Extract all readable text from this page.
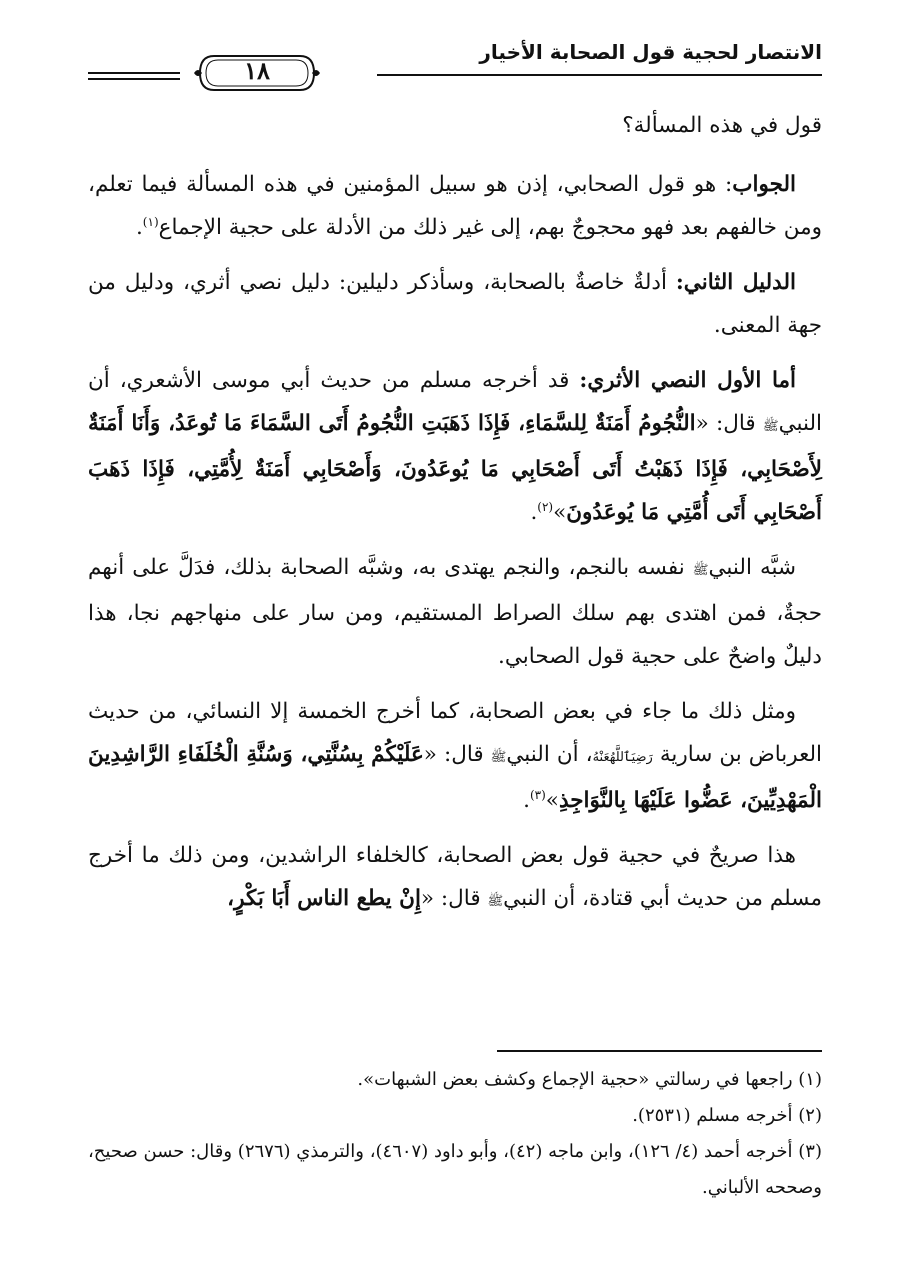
الانتصار لحجية قول الصحابة الأخيار
١٨

قول في هذه المسألة؟

الجواب: هو قول الصحابي، إذن هو سبيل المؤمنين في هذه المسألة فيما تعلم، ومن خالفهم بعد فهو محجوجٌ بهم، إلى غير ذلك من الأدلة على حجية الإجماع$^{(١)}$.

الدليل الثاني: أدلةٌ خاصةٌ بالصحابة، وسأذكر دليلين: دليل نصي أثري، ودليل من جهة المعنى.

أما الأول النصي الأثري: قد أخرجه مسلم من حديث أبي موسى الأشعري، أن النبيﷺ قال: «النُّجُومُ أَمَنَةٌ لِلسَّمَاءِ، فَإِذَا ذَهَبَتِ النُّجُومُ أَتَى السَّمَاءَ مَا تُوعَدُ، وَأَنَا أَمَنَةٌ لِأَصْحَابِي، فَإِذَا ذَهَبْتُ أَتَى أَصْحَابِي مَا يُوعَدُونَ، وَأَصْحَابِي أَمَنَةٌ لِأُمَّتِي، فَإِذَا ذَهَبَ أَصْحَابِي أَتَى أُمَّتِي مَا يُوعَدُونَ»$^{(٢)}$.

شبَّه النبيﷺ نفسه بالنجم، والنجم يهتدى به، وشبَّه الصحابة بذلك، فدَلَّ على أنهم حجةٌ، فمن اهتدى بهم سلك الصراط المستقيم، ومن سار على منهاجهم نجا، هذا دليلٌ واضحٌ على حجية قول الصحابي.

ومثل ذلك ما جاء في بعض الصحابة، كما أخرج الخمسة إلا النسائي، من حديث العرباض بن سارية رَضِيَٱللَّهُعَنْهُ، أن النبيﷺ قال: «عَلَيْكُمْ بِسُنَّتِي، وَسُنَّةِ الْخُلَفَاءِ الرَّاشِدِينَ الْمَهْدِيِّينَ، عَضُّوا عَلَيْهَا بِالنَّوَاجِذِ»$^{(٣)}$.

هذا صريحٌ في حجية قول بعض الصحابة، كالخلفاء الراشدين، ومن ذلك ما أخرج مسلم من حديث أبي قتادة، أن النبيﷺ قال: «إِنْ يطع الناس أَبَا بَكْرٍ،

(١) راجعها في رسالتي «حجية الإجماع وكشف بعض الشبهات».

(٢) أخرجه مسلم (٢٥٣١).

(٣) أخرجه أحمد (٤/ ١٢٦)، وابن ماجه (٤٢)، وأبو داود (٤٦٠٧)، والترمذي (٢٦٧٦) وقال: حسن صحيح، وصححه الألباني.
